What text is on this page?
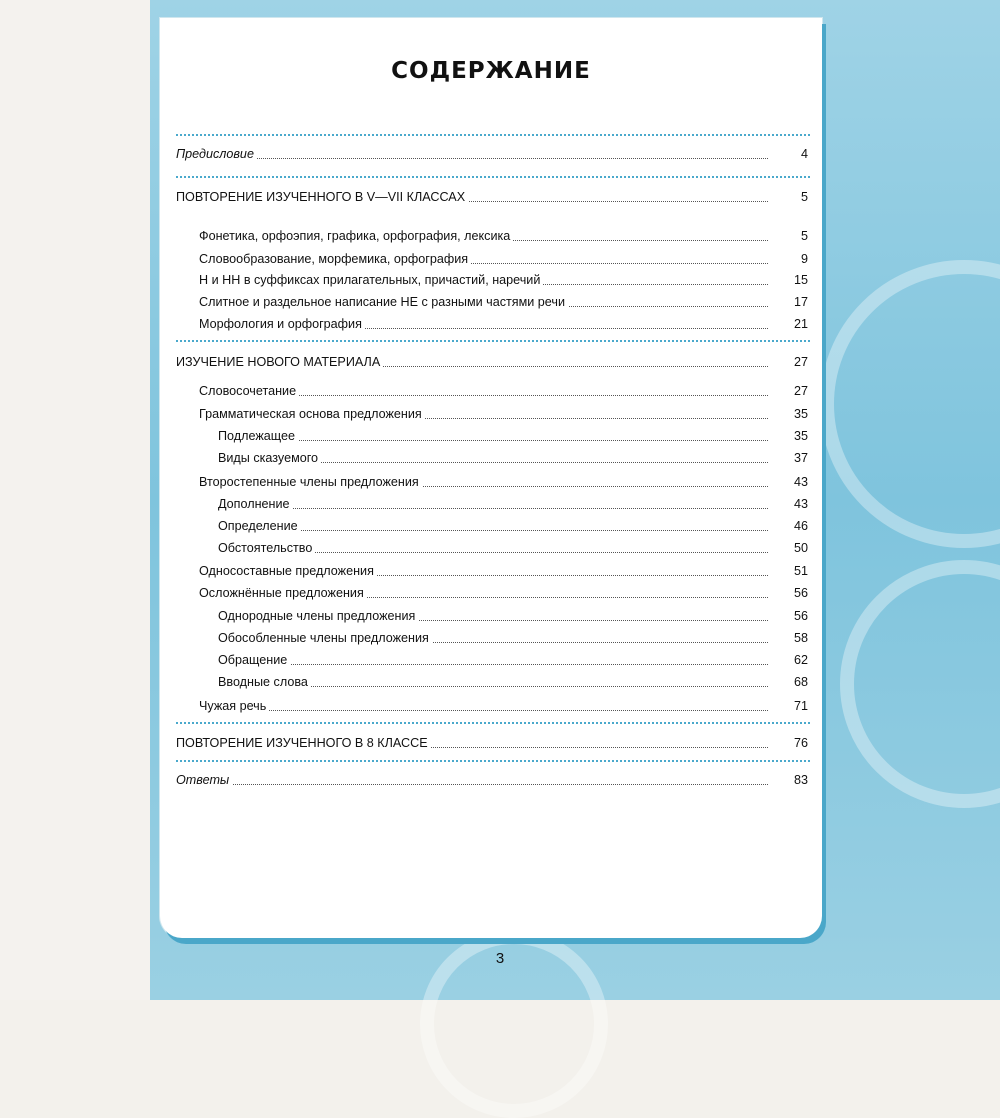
СОДЕРЖАНИЕ
Предисловие	4
ПОВТОРЕНИЕ ИЗУЧЕННОГО В V—VII КЛАССАХ	5
Фонетика, орфоэпия, графика, орфография, лексика	5
Словообразование, морфемика, орфография	9
Н и НН в суффиксах прилагательных, причастий, наречий	15
Слитное и раздельное написание НЕ с разными частями речи	17
Морфология и орфография	21
ИЗУЧЕНИЕ НОВОГО МАТЕРИАЛА	27
Словосочетание	27
Грамматическая основа предложения	35
Подлежащее	35
Виды сказуемого	37
Второстепенные члены предложения	43
Дополнение	43
Определение	46
Обстоятельство	50
Односоставные предложения	51
Осложнённые предложения	56
Однородные члены предложения	56
Обособленные члены предложения	58
Обращение	62
Вводные слова	68
Чужая речь	71
ПОВТОРЕНИЕ ИЗУЧЕННОГО В 8 КЛАССЕ	76
Ответы	83
3
